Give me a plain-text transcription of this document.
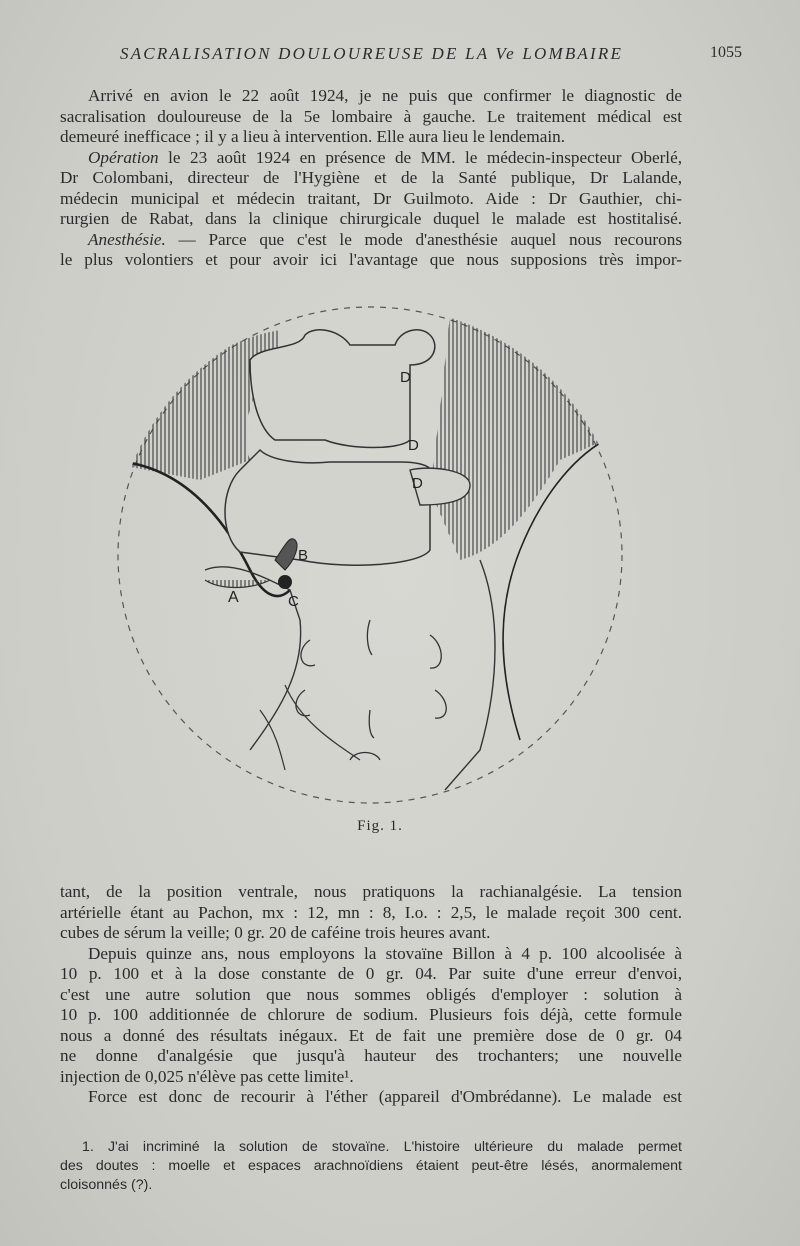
SACRALISATION DOULOUREUSE DE LA Ve LOMBAIRE	1055
Arrivé en avion le 22 août 1924, je ne puis que confirmer le diagnostic de
sacralisation douloureuse de la 5e lombaire à gauche. Le traitement médical est
demeuré inefficace ; il y a lieu à intervention. Elle aura lieu le lendemain.
Opération le 23 août 1924 en présence de MM. le médecin-inspecteur Oberlé,
Dr Colombani, directeur de l'Hygiène et de la Santé publique, Dr Lalande,
médecin municipal et médecin traitant, Dr Guilmoto. Aide : Dr Gauthier, chi-
rurgien de Rabat, dans la clinique chirurgicale duquel le malade est hostitalisé.
Anesthésie. — Parce que c'est le mode d'anesthésie auquel nous recourons
le plus volontiers et pour avoir ici l'avantage que nous supposions très impor-
D
D
D
B
A	C
Fig. 1.
tant, de la position ventrale, nous pratiquons la rachianalgésie. La tension
artérielle étant au Pachon, mx : 12, mn : 8, I.o. : 2,5, le malade reçoit 300 cent.
cubes de sérum la veille; 0 gr. 20 de caféine trois heures avant.
Depuis quinze ans, nous employons la stovaïne Billon à 4 p. 100 alcoolisée à
10 p. 100 et à la dose constante de 0 gr. 04. Par suite d'une erreur d'envoi,
c'est une autre solution que nous sommes obligés d'employer : solution à
10 p. 100 additionnée de chlorure de sodium. Plusieurs fois déjà, cette formule
nous a donné des résultats inégaux. Et de fait une première dose de 0 gr. 04
ne donne d'analgésie que jusqu'à hauteur des trochanters; une nouvelle
injection de 0,025 n'élève pas cette limite¹.
Force est donc de recourir à l'éther (appareil d'Ombrédanne). Le malade est
1. J'ai incriminé la solution de stovaïne. L'histoire ultérieure du malade permet
des doutes : moelle et espaces arachnoïdiens étaient peut-être lésés, anormalement
cloisonnés (?).
